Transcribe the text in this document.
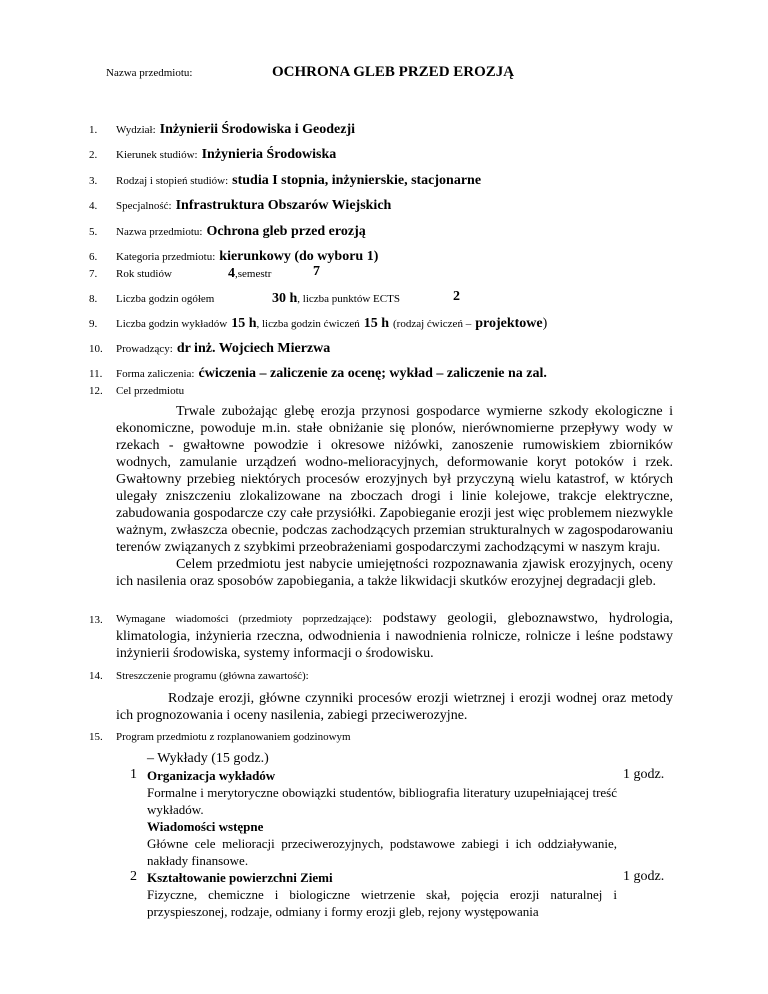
Nazwa przedmiotu:	OCHRONA GLEB PRZED EROZJĄ
1. Wydział: Inżynierii Środowiska i Geodezji
2. Kierunek studiów: Inżynieria Środowiska
3. Rodzaj i stopień studiów: studia I stopnia, inżynierskie, stacjonarne
4. Specjalność: Infrastruktura Obszarów Wiejskich
5. Nazwa przedmiotu: Ochrona gleb przed erozją
6. Kategoria przedmiotu: kierunkowy (do wyboru 1)
7. Rok studiów	4,semestr	7
8. Liczba godzin ogółem	30 h, liczba punktów ECTS	2
9. Liczba godzin wykładów 15 h, liczba godzin ćwiczeń 15 h (rodzaj ćwiczeń – projektowe)
10. Prowadzący: dr inż. Wojciech Mierzwa
11. Forma zaliczenia: ćwiczenia – zaliczenie za ocenę; wykład – zaliczenie na zal.
12. Cel przedmiotu
Trwale zubożając glebę erozja przynosi gospodarce wymierne szkody ekologiczne i ekonomiczne, powoduje m.in. stałe obniżanie się plonów, nierównomierne przepływy wody w rzekach - gwałtowne powodzie i okresowe niżówki, zanoszenie rumowiskiem zbiorników wodnych, zamulanie urządzeń wodno-melioracyjnych, deformowanie koryt potoków i rzek. Gwałtowny przebieg niektórych procesów erozyjnych był przyczyną wielu katastrof, w których ulegały zniszczeniu zlokalizowane na zboczach drogi i linie kolejowe, trakcje elektryczne, zabudowania gospodarcze czy całe przysiółki. Zapobieganie erozji jest więc problemem niezwykle ważnym, zwłaszcza obecnie, podczas zachodzących przemian strukturalnych w zagospodarowaniu terenów związanych z szybkimi przeobrażeniami gospodarczymi zachodzącymi w naszym kraju.
Celem przedmiotu jest nabycie umiejętności rozpoznawania zjawisk erozyjnych, oceny ich nasilenia oraz sposobów zapobiegania, a także likwidacji skutków erozyjnej degradacji gleb.
13. Wymagane wiadomości (przedmioty poprzedzające): podstawy geologii, gleboznawstwo, hydrologia, klimatologia, inżynieria rzeczna, odwodnienia i nawodnienia rolnicze, rolnicze i leśne podstawy inżynierii środowiska, systemy informacji o środowisku.
14. Streszczenie programu (główna zawartość):
Rodzaje erozji, główne czynniki procesów erozji wietrznej i erozji wodnej oraz metody ich prognozowania i oceny nasilenia, zabiegi przeciwerozyjne.
15. Program przedmiotu z rozplanowaniem godzinowym
– Wykłady (15 godz.)
1 Organizacja wykładów
Formalne i merytoryczne obowiązki studentów, bibliografia literatury uzupełniającej treść wykładów.
Wiadomości wstępne
Główne cele melioracji przeciwerozyjnych, podstawowe zabiegi i ich oddziaływanie, nakłady finansowe.
1 godz.
2 Kształtowanie powierzchni Ziemi
Fizyczne, chemiczne i biologiczne wietrzenie skał, pojęcia erozji naturalnej i przyspieszonej, rodzaje, odmiany i formy erozji gleb, rejony występowania
1 godz.
